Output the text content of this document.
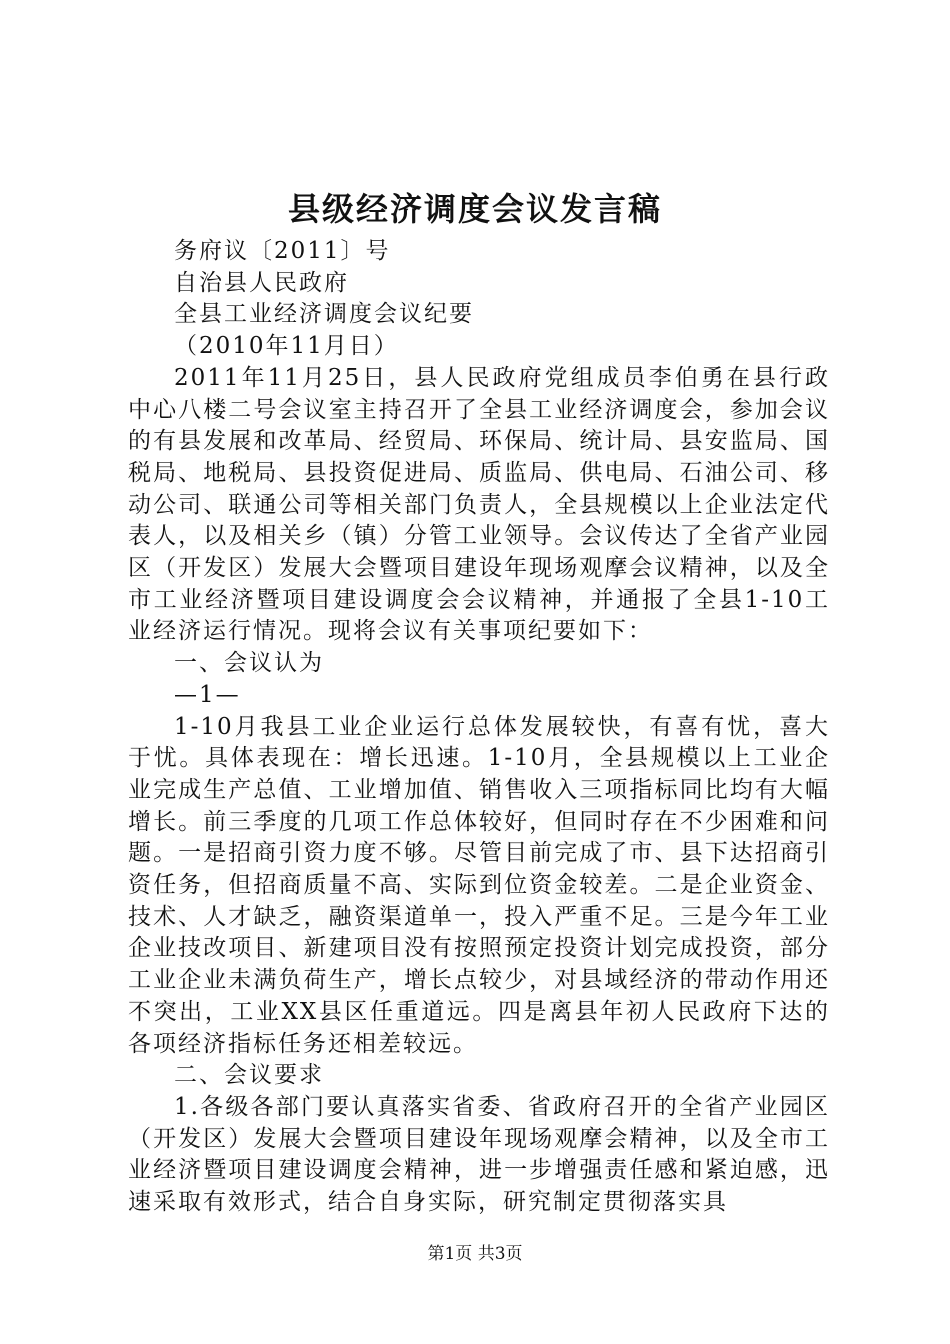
县级经济调度会议发言稿

务府议〔2011〕号

自治县人民政府

全县工业经济调度会议纪要

（2010年11月日）

2011年11月25日，县人民政府党组成员李伯勇在县行政中心八楼二号会议室主持召开了全县工业经济调度会，参加会议的有县发展和改革局、经贸局、环保局、统计局、县安监局、国税局、地税局、县投资促进局、质监局、供电局、石油公司、移动公司、联通公司等相关部门负责人，全县规模以上企业法定代表人，以及相关乡（镇）分管工业领导。会议传达了全省产业园区（开发区）发展大会暨项目建设年现场观摩会议精神，以及全市工业经济暨项目建设调度会会议精神，并通报了全县1-10工业经济运行情况。现将会议有关事项纪要如下：

一、会议认为

—1—

1-10月我县工业企业运行总体发展较快，有喜有忧，喜大于忧。具体表现在：增长迅速。1-10月，全县规模以上工业企业完成生产总值、工业增加值、销售收入三项指标同比均有大幅增长。前三季度的几项工作总体较好，但同时存在不少困难和问题。一是招商引资力度不够。尽管目前完成了市、县下达招商引资任务，但招商质量不高、实际到位资金较差。二是企业资金、技术、人才缺乏，融资渠道单一，投入严重不足。三是今年工业企业技改项目、新建项目没有按照预定投资计划完成投资，部分工业企业未满负荷生产，增长点较少，对县域经济的带动作用还不突出，工业XX县区任重道远。四是离县年初人民政府下达的各项经济指标任务还相差较远。

二、会议要求

1.各级各部门要认真落实省委、省政府召开的全省产业园区（开发区）发展大会暨项目建设年现场观摩会精神，以及全市工业经济暨项目建设调度会精神，进一步增强责任感和紧迫感，迅速采取有效形式，结合自身实际，研究制定贯彻落实具

第1页 共3页
